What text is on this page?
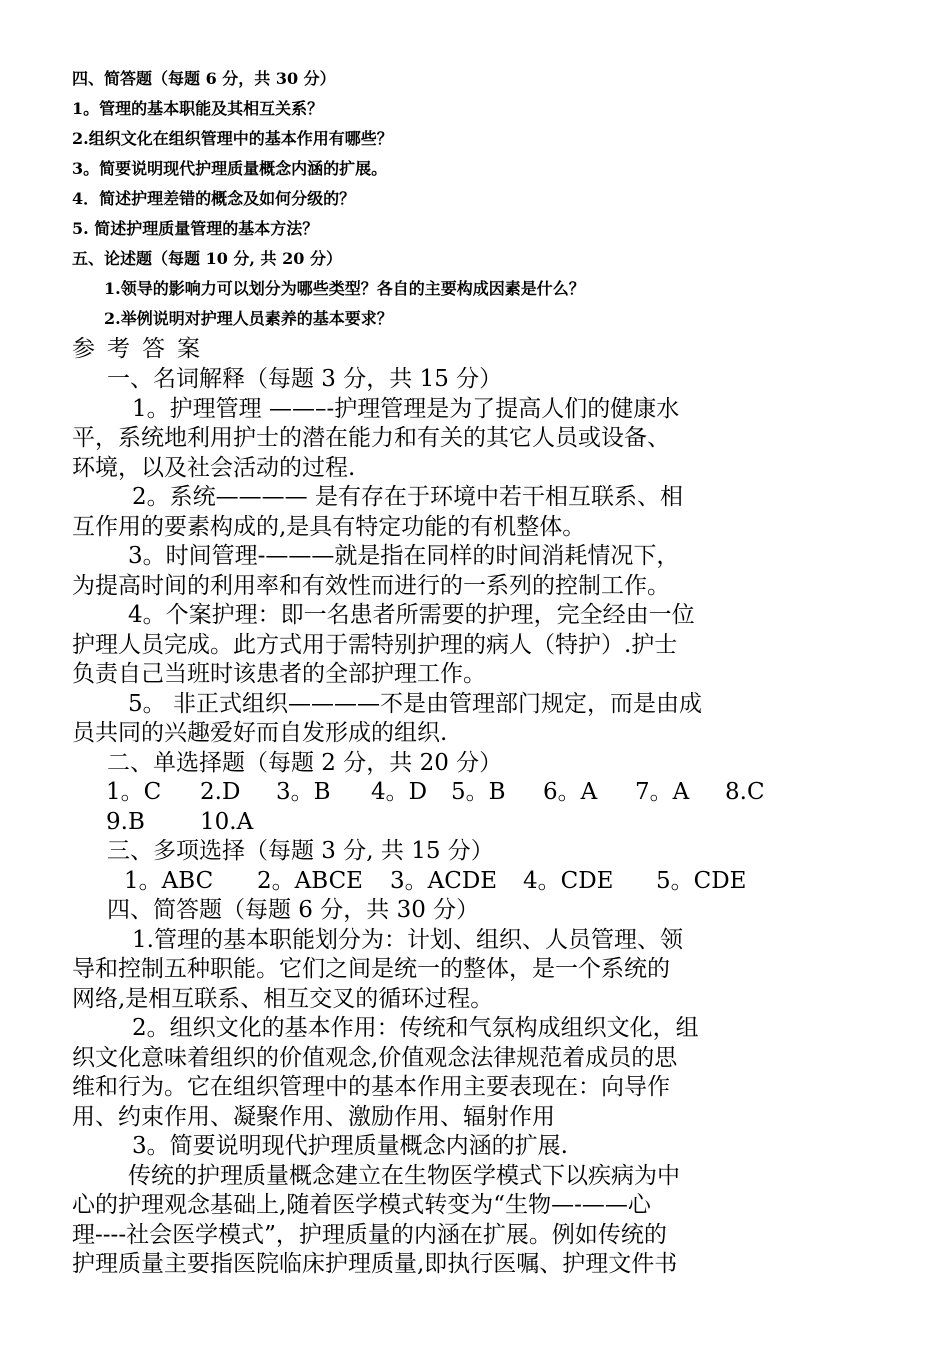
四、简答题（每题 6 分，共 30 分）
1。管理的基本职能及其相互关系？
2.组织文化在组织管理中的基本作用有哪些？
3。简要说明现代护理质量概念内涵的扩展。
4．简述护理差错的概念及如何分级的？
5. 简述护理质量管理的基本方法？
五、论述题（每题 10 分, 共 20 分）
1.领导的影响力可以划分为哪些类型？各自的主要构成因素是什么？
2.举例说明对护理人员素养的基本要求？
参考答案
一、名词解释（每题 3 分，共 15 分）

1。护理管理 ——–-护理管理是为了提高人们的健康水

平，系统地利用护士的潜在能力和有关的其它人员或设备、

环境，以及社会活动的过程.

2。系统———— 是有存在于环境中若干相互联系、相

互作用的要素构成的,是具有特定功能的有机整体。

3。时间管理-———就是指在同样的时间消耗情况下，

为提高时间的利用率和有效性而进行的一系列的控制工作。

4。个案护理：即一名患者所需要的护理，完全经由一位

护理人员完成。此方式用于需特别护理的病人（特护）.护士

负责自己当班时该患者的全部护理工作。

5。 非正式组织————不是由管理部门规定，而是由成

员共同的兴趣爱好而自发形成的组织.

二、单选择题（每题 2 分，共 20 分）
1。C	2.D	3。B	4。D	5。B	6。A	7。A	8.C
9.B	10.A
三、多项选择（每题 3 分, 共 15 分）
1。ABC	2。ABCE	3。ACDE	4。CDE	5。CDE
四、简答题（每题 6 分，共 30 分）

1.管理的基本职能划分为：计划、组织、人员管理、领

导和控制五种职能。它们之间是统一的整体，是一个系统的

网络,是相互联系、相互交叉的循环过程。

2。组织文化的基本作用：传统和气氛构成组织文化，组

织文化意味着组织的价值观念,价值观念法律规范着成员的思

维和行为。它在组织管理中的基本作用主要表现在：向导作

用、约束作用、凝聚作用、激励作用、辐射作用

3。简要说明现代护理质量概念内涵的扩展.

传统的护理质量概念建立在生物医学模式下以疾病为中

心的护理观念基础上,随着医学模式转变为“生物—-——心

理----社会医学模式”，护理质量的内涵在扩展。例如传统的

护理质量主要指医院临床护理质量,即执行医嘱、护理文件书
